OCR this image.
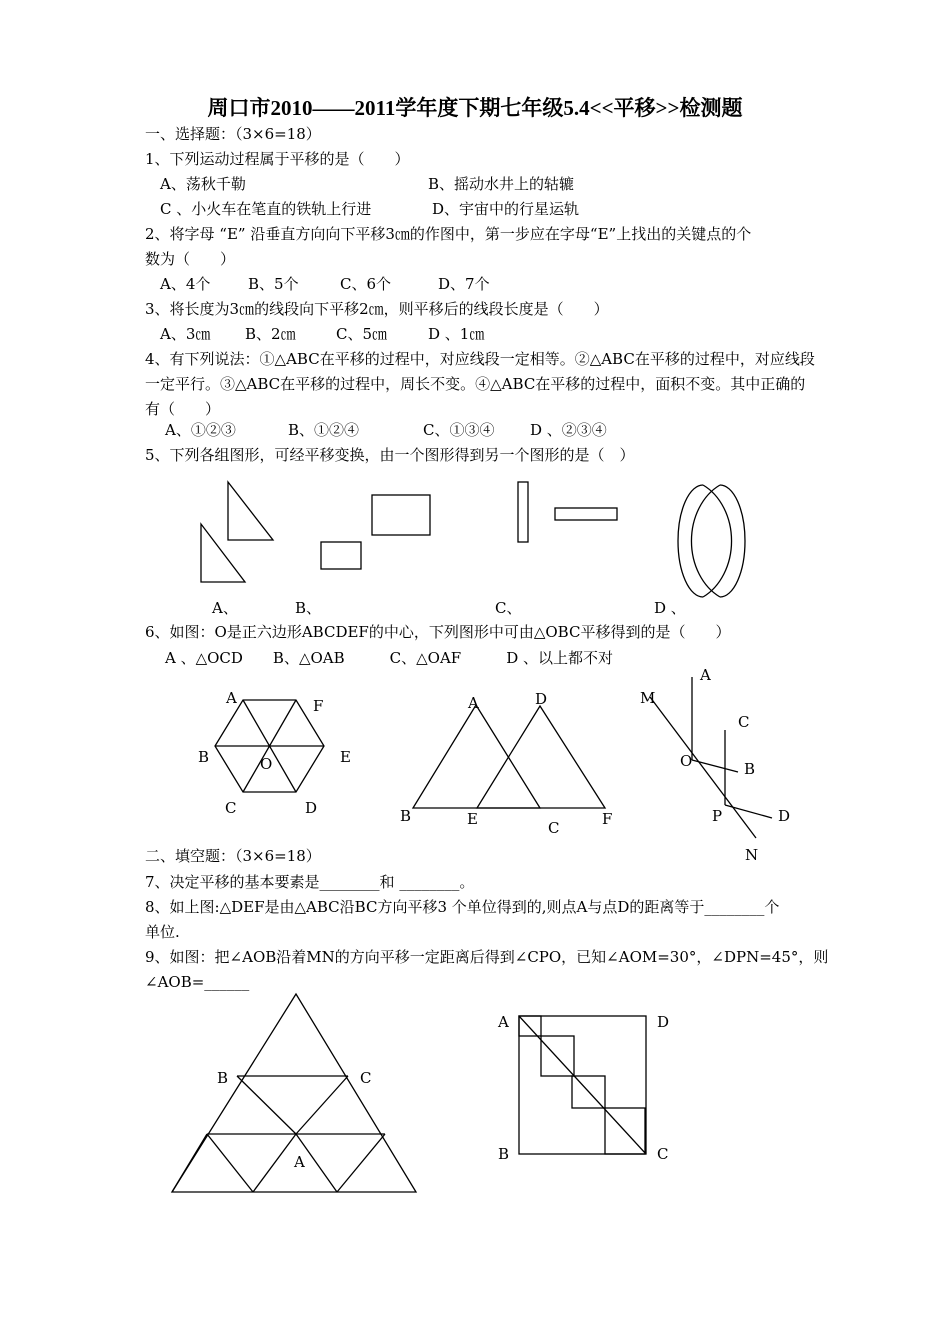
周口市2010——2011学年度下期七年级5.4<<平移>>检测题
一、选择题：（3×6=18）
1、下列运动过程属于平移的是（　　）
A、荡秋千勒	B、摇动水井上的轱辘
C 、小火车在笔直的铁轨上行进	D、宇宙中的行星运轨
2、将字母 “E” 沿垂直方向向下平移3㎝的作图中，第一步应在字母“E”上找出的关键点的个
数为（　　）
A、4个	B、5个	C、6个	D、7个
3、将长度为3㎝的线段向下平移2㎝，则平移后的线段长度是（　　）
A、3㎝ B、2㎝	C、5㎝	D 、1㎝
4、有下列说法：①△ABC在平移的过程中，对应线段一定相等。②△ABC在平移的过程中，对应线段
一定平行。③△ABC在平移的过程中，周长不变。④△ABC在平移的过程中，面积不变。其中正确的
有（　　）
A、①②③	B、①②④	C、①③④ D 、②③④
5、下列各组图形，可经平移变换，由一个图形得到另一个图形的是（　）
A、	B、	C、	D 、
6、如图：O是正六边形ABCDEF的中心，下列图形中可由△OBC平移得到的是（　　）
A 、△OCD　　B、△OAB　　　C、△OAF　　　D 、以上都不对
A	F
B	O	E
C	D
A	D
B	E	C	F
M
A
C
O	B
P	D
N
二、填空题：（3×6=18）
7、决定平移的基本要素是________和 ________。
8、如上图:△DEF是由△ABC沿BC方向平移3 个单位得到的,则点A与点D的距离等于________个
单位.
9、如图：把∠AOB沿着MN的方向平移一定距离后得到∠CPO，已知∠AOM=30°，∠DPN=45°，则
∠AOB=______
B	C
A
A	D
B	C
